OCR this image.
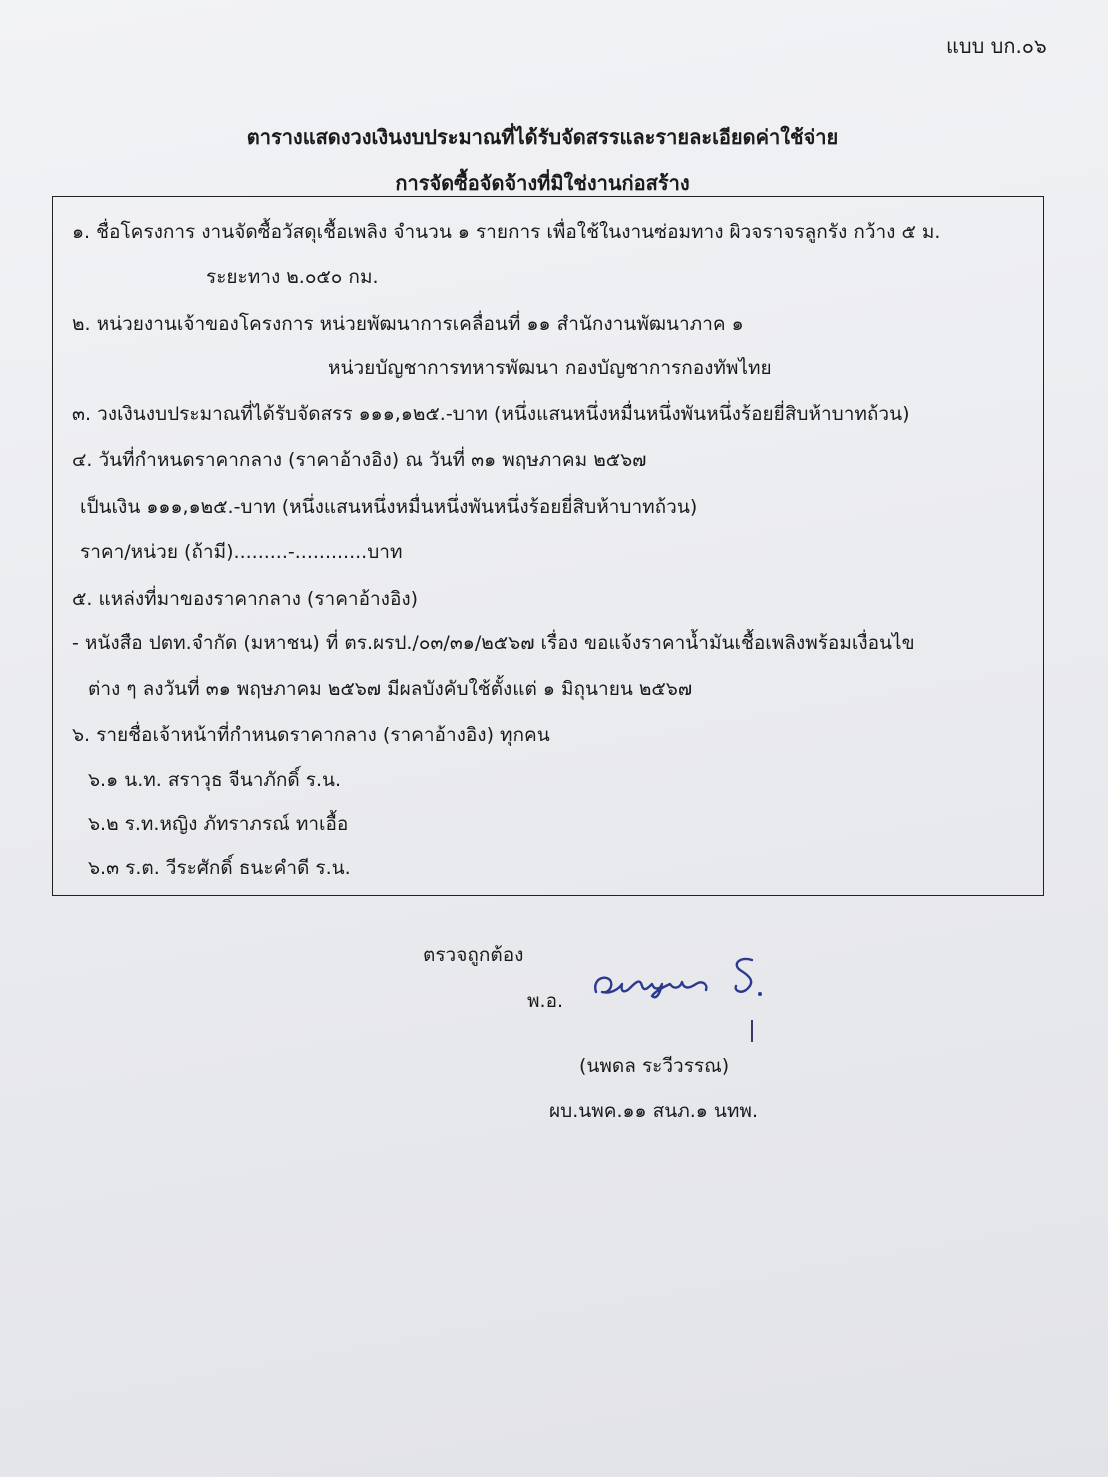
แบบ บก.๐๖
ตารางแสดงวงเงินงบประมาณที่ได้รับจัดสรรและรายละเอียดค่าใช้จ่าย
การจัดซื้อจัดจ้างที่มิใช่งานก่อสร้าง
๑. ชื่อโครงการ งานจัดซื้อวัสดุเชื้อเพลิง จำนวน ๑ รายการ เพื่อใช้ในงานซ่อมทาง ผิวจราจรลูกรัง กว้าง ๕ ม.
ระยะทาง ๒.๐๕๐ กม.
๒. หน่วยงานเจ้าของโครงการ หน่วยพัฒนาการเคลื่อนที่ ๑๑ สำนักงานพัฒนาภาค ๑
หน่วยบัญชาการทหารพัฒนา กองบัญชาการกองทัพไทย
๓. วงเงินงบประมาณที่ได้รับจัดสรร ๑๑๑,๑๒๕.-บาท (หนึ่งแสนหนึ่งหมื่นหนึ่งพันหนึ่งร้อยยี่สิบห้าบาทถ้วน)
๔. วันที่กำหนดราคากลาง (ราคาอ้างอิง) ณ วันที่ ๓๑ พฤษภาคม ๒๕๖๗
เป็นเงิน ๑๑๑,๑๒๕.-บาท (หนึ่งแสนหนึ่งหมื่นหนึ่งพันหนึ่งร้อยยี่สิบห้าบาทถ้วน)
ราคา/หน่วย (ถ้ามี).........-............บาท
๕. แหล่งที่มาของราคากลาง (ราคาอ้างอิง)
- หนังสือ ปตท.จำกัด (มหาชน) ที่ ตร.ผรป./๐๓/๓๑/๒๕๖๗ เรื่อง ขอแจ้งราคาน้ำมันเชื้อเพลิงพร้อมเงื่อนไข
ต่าง ๆ ลงวันที่ ๓๑ พฤษภาคม ๒๕๖๗ มีผลบังคับใช้ตั้งแต่ ๑ มิถุนายน ๒๕๖๗
๖. รายชื่อเจ้าหน้าที่กำหนดราคากลาง (ราคาอ้างอิง) ทุกคน
๖.๑ น.ท. สราวุธ จีนาภักดิ์ ร.น.
๖.๒ ร.ท.หญิง ภัทราภรณ์ ทาเอื้อ
๖.๓ ร.ต. วีระศักดิ์ ธนะคำดี ร.น.
ตรวจถูกต้อง
พ.อ.
(นพดล ระวีวรรณ)
ผบ.นพค.๑๑ สนภ.๑ นทพ.
